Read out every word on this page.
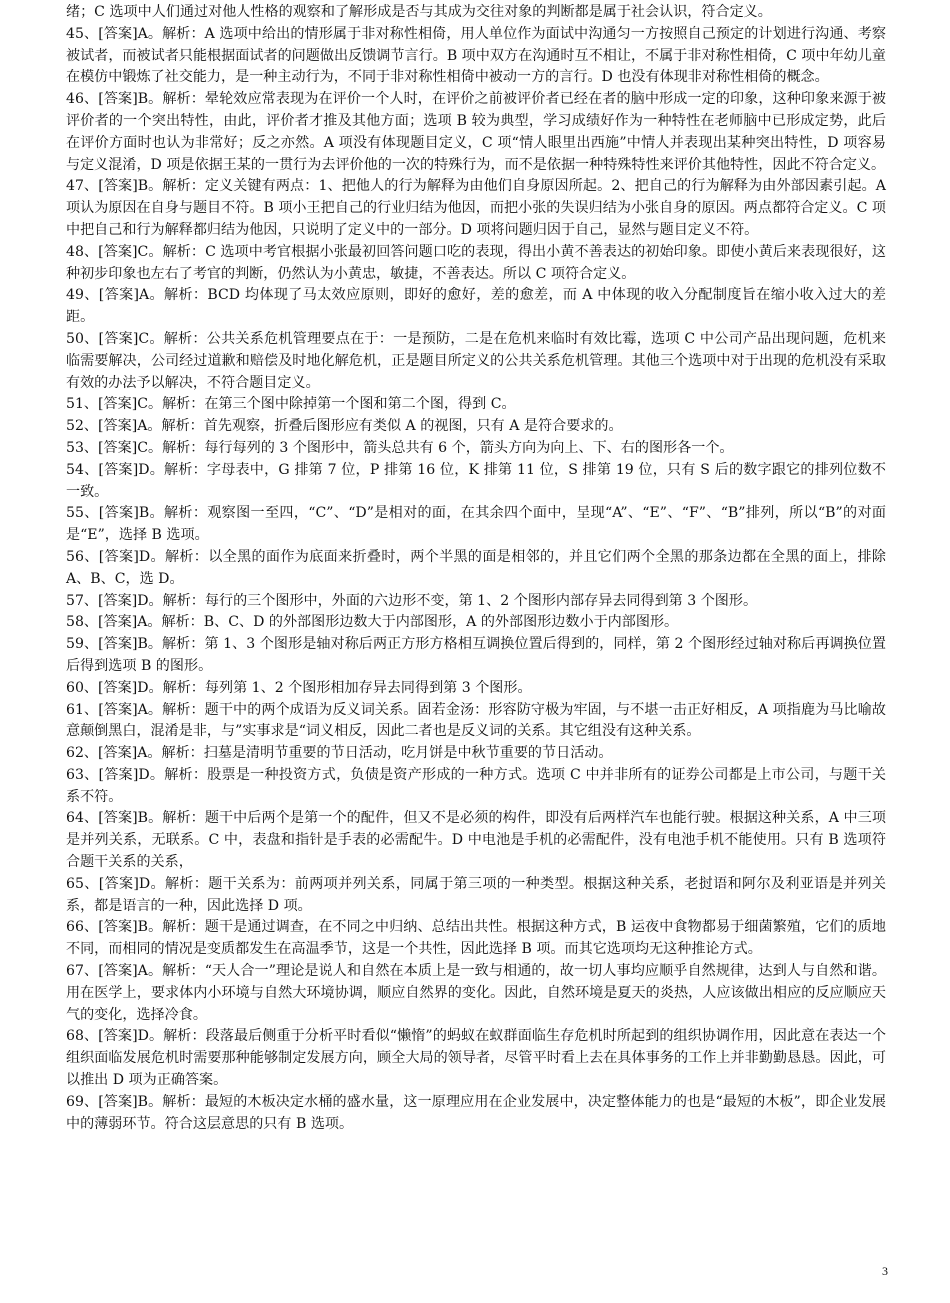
绪；C 选项中人们通过对他人性格的观察和了解形成是否与其成为交往对象的判断都是属于社会认识，符合定义。

45、[答案]A。解析：A 选项中给出的情形属于非对称性相倚，用人单位作为面试中沟通匀一方按照自己预定的计划进行沟通、考察被试者，而被试者只能根据面试者的问题做出反馈调节言行。B 项中双方在沟通时互不相让，不属于非对称性相倚，C 项中年幼儿童在模仿中锻炼了社交能力，是一种主动行为，不同于非对称性相倚中被动一方的言行。D 也没有体现非对称性相倚的概念。

46、[答案]B。解析：晕轮效应常表现为在评价一个人时，在评价之前被评价者已经在者的脑中形成一定的印象，这种印象来源于被评价者的一个突出特性，由此，评价者才推及其他方面；选项 B 较为典型，学习成绩好作为一种特性在老师脑中已形成定势，此后在评价方面时也认为非常好；反之亦然。A 项没有体现题目定义，C 项“情人眼里出西施”中情人并表现出某种突出特性，D 项容易与定义混淆，D 项是依据王某的一贯行为去评价他的一次的特殊行为，而不是依据一种特殊特性来评价其他特性，因此不符合定义。

47、[答案]B。解析：定义关键有两点：1、把他人的行为解释为由他们自身原因所起。2、把自己的行为解释为由外部因素引起。A 项认为原因在自身与题目不符。B 项小王把自己的行业归结为他因，而把小张的失误归结为小张自身的原因。两点都符合定义。C 项中把自己和行为解释都归结为他因，只说明了定义中的一部分。D 项将问题归因于自己，显然与题目定义不符。

48、[答案]C。解析：C 选项中考官根据小张最初回答问题口吃的表现，得出小黄不善表达的初始印象。即使小黄后来表现很好，这种初步印象也左右了考官的判断，仍然认为小黄忠，敏捷，不善表达。所以 C 项符合定义。

49、[答案]A。解析：BCD 均体现了马太效应原则，即好的愈好，差的愈差，而 A 中体现的收入分配制度旨在缩小收入过大的差距。

50、[答案]C。解析：公共关系危机管理要点在于：一是预防，二是在危机来临时有效比霉，选项 C 中公司产品出现问题，危机来临需要解决，公司经过道歉和赔偿及时地化解危机，正是题目所定义的公共关系危机管理。其他三个选项中对于出现的危机没有采取有效的办法予以解决，不符合题目定义。

51、[答案]C。解析：在第三个图中除掉第一个图和第二个图，得到 C。

52、[答案]A。解析：首先观察，折叠后图形应有类似 A 的视图，只有 A 是符合要求的。

53、[答案]C。解析：每行每列的 3 个图形中，箭头总共有 6 个，箭头方向为向上、下、右的图形各一个。

54、[答案]D。解析：字母表中，G 排第 7 位，P 排第 16 位，K 排第 11 位，S 排第 19 位，只有 S 后的数字跟它的排列位数不一致。

55、[答案]B。解析：观察图一至四，“C”、“D”是相对的面，在其余四个面中，呈现“A”、“E”、“F”、“B”排列，所以“B”的对面是“E”，选择 B 选项。

56、[答案]D。解析：以全黑的面作为底面来折叠时，两个半黑的面是相邻的，并且它们两个全黑的那条边都在全黑的面上，排除 A、B、C，选 D。

57、[答案]D。解析：每行的三个图形中，外面的六边形不变，第 1、2 个图形内部存异去同得到第 3 个图形。

58、[答案]A。解析：B、C、D 的外部图形边数大于内部图形，A 的外部图形边数小于内部图形。

59、[答案]B。解析：第 1、3 个图形是轴对称后两正方形方格相互调换位置后得到的，同样，第 2 个图形经过轴对称后再调换位置后得到选项 B 的图形。

60、[答案]D。解析：每列第 1、2 个图形相加存异去同得到第 3 个图形。

61、[答案]A。解析：题干中的两个成语为反义词关系。固若金汤：形容防守极为牢固，与不堪一击正好相反，A 项指鹿为马比喻故意颠倒黑白，混淆是非，与”实事求是“词义相反，因此二者也是反义词的关系。其它组没有这种关系。

62、[答案]A。解析：扫墓是清明节重要的节日活动，吃月饼是中秋节重要的节日活动。

63、[答案]D。解析：股票是一种投资方式，负债是资产形成的一种方式。选项 C 中并非所有的证券公司都是上市公司，与题干关系不符。

64、[答案]B。解析：题干中后两个是第一个的配件，但又不是必须的构件，即没有后两样汽车也能行驶。根据这种关系，A 中三项是并列关系，无联系。C 中，表盘和指针是手表的必需配牛。D 中电池是手机的必需配件，没有电池手机不能使用。只有 B 选项符合题干关系的关系，

65、[答案]D。解析：题干关系为：前两项并列关系，同属于第三项的一种类型。根据这种关系，老挝语和阿尔及利亚语是并列关系，都是语言的一种，因此选择 D 项。

66、[答案]B。解析：题干是通过调查，在不同之中归纳、总结出共性。根据这种方式，B 运夜中食物都易于细菌繁殖，它们的质地不同，而相同的情况是变质都发生在高温季节，这是一个共性，因此选择 B 项。而其它选项均无这种推论方式。

67、[答案]A。解析：“天人合一”理论是说人和自然在本质上是一致与相通的，故一切人事均应顺乎自然规律，达到人与自然和谐。用在医学上，要求体内小环境与自然大环境协调，顺应自然界的变化。因此，自然环境是夏天的炎热，人应该做出相应的反应顺应天气的变化，选择冷食。

68、[答案]D。解析：段落最后侧重于分析平时看似“懒惰”的蚂蚁在蚁群面临生存危机时所起到的组织协调作用，因此意在表达一个组织面临发展危机时需要那种能够制定发展方向，顾全大局的领导者，尽管平时看上去在具体事务的工作上并非勤勤恳恳。因此，可以推出 D 项为正确答案。

69、[答案]B。解析：最短的木板决定水桶的盛水量，这一原理应用在企业发展中，决定整体能力的也是“最短的木板”，即企业发展中的薄弱环节。符合这层意思的只有 B 选项。

3
